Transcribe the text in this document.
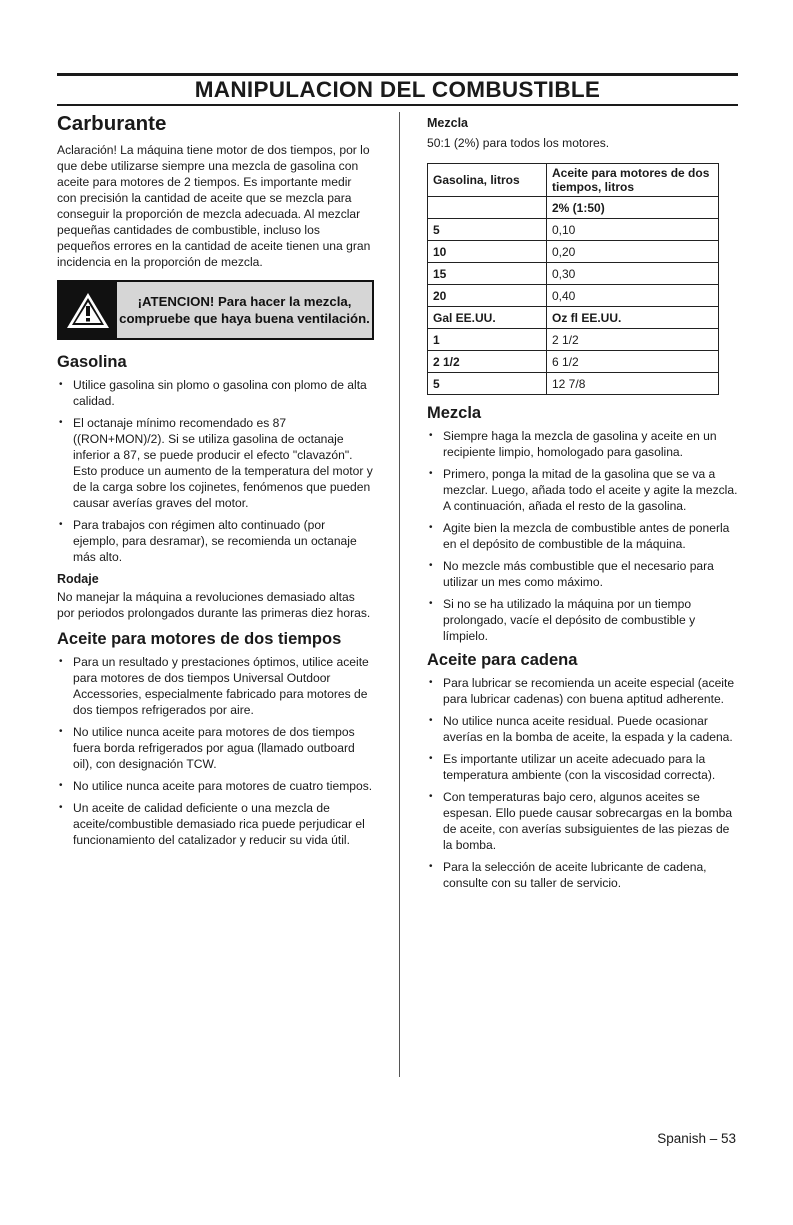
MANIPULACION DEL COMBUSTIBLE
Carburante

Aclaración! La máquina tiene motor de dos tiempos, por lo que debe utilizarse siempre una mezcla de gasolina con aceite para motores de 2 tiempos. Es importante medir con precisión la cantidad de aceite que se mezcla para conseguir la proporción de mezcla adecuada. Al mezclar pequeñas cantidades de combustible, incluso los pequeños errores en la cantidad de aceite tienen una gran incidencia en la proporción de mezcla.

¡ATENCION! Para hacer la mezcla,
compruebe que haya buena ventilación.
Gasolina
• Utilice gasolina sin plomo o gasolina con plomo de alta calidad.
• El octanaje mínimo recomendado es 87 ((RON+MON)/2). Si se utiliza gasolina de octanaje inferior a 87, se puede producir el efecto "clavazón". Esto produce un aumento de la temperatura del motor y de la carga sobre los cojinetes, fenómenos que pueden causar averías graves del motor.
• Para trabajos con régimen alto continuado (por ejemplo, para desramar), se recomienda un octanaje más alto.
Rodaje

No manejar la máquina a revoluciones demasiado altas por periodos prolongados durante las primeras diez horas.

Aceite para motores de dos tiempos
• Para un resultado y prestaciones óptimos, utilice aceite para motores de dos tiempos Universal Outdoor Accessories, especialmente fabricado para motores de dos tiempos refrigerados por aire.
• No utilice nunca aceite para motores de dos tiempos fuera borda refrigerados por agua (llamado outboard oil), con designación TCW.
• No utilice nunca aceite para motores de cuatro tiempos.
• Un aceite de calidad deficiente o una mezcla de aceite/combustible demasiado rica puede perjudicar el funcionamiento del catalizador y reducir su vida útil.
Mezcla

50:1 (2%) para todos los motores.

Gasolina, litros	Aceite para motores de dos tiempos, litros
	2% (1:50)
5	0,10
10	0,20
15	0,30
20	0,40
Gal EE.UU.	Oz fl EE.UU.
1	2 1/2
2 1/2	6 1/2
5	12 7/8
Mezcla
• Siempre haga la mezcla de gasolina y aceite en un recipiente limpio, homologado para gasolina.
• Primero, ponga la mitad de la gasolina que se va a mezclar. Luego, añada todo el aceite y agite la mezcla. A continuación, añada el resto de la gasolina.
• Agite bien la mezcla de combustible antes de ponerla en el depósito de combustible de la máquina.
• No mezcle más combustible que el necesario para utilizar un mes como máximo.
• Si no se ha utilizado la máquina por un tiempo prolongado, vacíe el depósito de combustible y límpielo.
Aceite para cadena
• Para lubricar se recomienda un aceite especial (aceite para lubricar cadenas) con buena aptitud adherente.
• No utilice nunca aceite residual. Puede ocasionar averías en la bomba de aceite, la espada y la cadena.
• Es importante utilizar un aceite adecuado para la temperatura ambiente (con la viscosidad correcta).
• Con temperaturas bajo cero, algunos aceites se espesan. Ello puede causar sobrecargas en la bomba de aceite, con averías subsiguientes de las piezas de la bomba.
• Para la selección de aceite lubricante de cadena, consulte con su taller de servicio.
Spanish – 53
